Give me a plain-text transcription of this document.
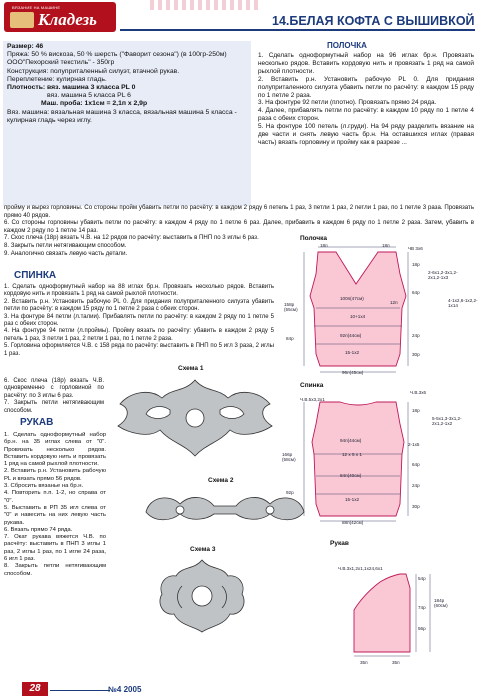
ВЯЗАНИЕ НА МАШИНЕ
Кладезь	14.БЕЛАЯ КОФТА С ВЫШИВКОЙ

Размер: 46

Пряжа: 50 % вискоза, 50 % шерсть ("Фаворит сезона") (в 100гр-250м) ООО"Пехорский текстиль" - 350гр

Конструкция: полуприталенный силуэт, втачной рукав.

Переплетение: кулирная гладь.

Плотность: вяз. машина 3 класса PL 0

вяз. машина 5 класса PL 6

Маш. проба: 1х1см = 2,1п х 2,9р

Вяз. машина: вязальная машина 3 класса, вязальная машина 5 класса - кулирная гладь через иглу.

ПОЛОЧКА

1. Сделать одноформутный набор на 96 иглах бр.н. Провязать несколько рядов. Вставить кордовую нить и провязать 1 ряд на самой рыхлой плотности.

2. Вставить р.н. Установить рабочую PL 0. Для придания полуприталенного силуэта убавить петли по расчёту: в каждом 15 ряду по 1 петле 2 раза.

3. На фонтуре 92 петли (плотно). Провязать прямо 24 ряда.

4. Далее, прибавлять петли по расчёту: в каждом 10 ряду по 1 петле 4 раза с обеих сторон.

5. На фонтуре 100 петель (л.груди). На 94 ряду разделить вязание на две части и снять левую часть бр.н. На оставшихся иглах (правая часть) вязать горловину и пройму как в разрезе ...

пройму и вырез горловины. Со стороны пройм убавить петли по расчёту: в каждом 2 ряду 6 петель 1 раз, 3 петли 1 раз, 2 петли 1 раз, по 1 петле 3 раза. Провязать прямо 40 рядов.

6. Со стороны горловины убавить петли по расчёту: в каждом 4 ряду по 1 петле 6 раз. Далее, прибавить в каждом 6 ряду по 1 петле 2 раза. Затем, убавить в каждом 2 ряду по 1 петле 14 раз.

7. Скос плеча (18р) вязать Ч.В. на 12 рядов по расчёту: выставить в ПНП по 3 иглы 6 раз.

8. Закрыть петли нетягивающим способом.

9. Аналогично связать левую часть детали.

СПИНКА

1. Сделать одноформутный набор на 88 иглах бр.н. Провязать несколько рядов. Вставить кордовую нить и провязать 1 ряд на самой рыхлой плотности.

2. Вставить р.н. Установить рабочую PL 0. Для придания полуприталенного силуэта убавить петли по расчёту: в каждом 15 ряду по 1 петле 2 раза с обеих сторон.

3. На фонтуре 84 петли (л.талии). Прибавлять петли по расчёту: в каждом 2 ряду по 1 петле 5 раз с обеих сторон.

4. На фонтуре 94 петли (л.проймы). Пройму вязать по расчёту: убавить в каждом 2 ряду 5 петель 1 раз, 3 петли 1 раз, 2 петли 1 раз, по 1 петле 2 раза.

5. Горловина оформляется Ч.В. с 158 ряда по расчёту: выставить в ПНП по 5 игл 3 раза, 2 иглы 1 раз.

6. Скос плеча (18р) вязать Ч.В. одновременно с горловиной по расчёту: по 3 иглы 6 раз.

7. Закрыть петли нетягивающим способом.

Схема 1
Схема 2
Схема 3
РУКАВ

1. Сделать одноформутный набор бр.н. на 35 иглах слева от "0". Провязать несколько рядов. Вставить кордовую нить и провязать 1 ряд на самой рыхлой плотности.

2. Вставить р.н. Установить рабочую PL и вязать прямо 56 рядов.

3. Сбросить вязанье на бр.н.

4. Повторить п.п. 1-2, но справа от "0".

5. Выставить в РП 35 игл слева от "0" и навесить на них левую часть рукава.

6. Вязать прямо 74 ряда.

7. Окат рукава вяжется Ч.В. по расчёту: выставить в ПНП 3 иглы 1 раз, 2 иглы 1 раз, по 1 игле 24 раза, 6 игл 1 раз.

8. Закрыть петли нетягивающим способом.

Полочка
18п	18п
ЧВ 3х6
2-6х1,2-3х1,2-2х1,2-1х3
4-1х2,6-1х2,2-1х14
100п(47см)
12п
10+1х4
92п(44см)
15-1х2
96п(45см)
158р (55см)
84р
18р
64р
24р
30р
Спинка
Ч.В.3х6
Ч.В.5х3,2х1
5-5х1,3-3х1,2-2х1,2-1х2
2-1х5
94п(44см)
12 х 5 х 1
84п(40см)
15-1х2
88п(42см)
166р (58см)
92р
18р
64р
24р
30р
Рукав
Ч.В.3х1,2х1,1х24,6х1
54р
74р
56р
184р (60см)
35п	35п
28	№4 2005
